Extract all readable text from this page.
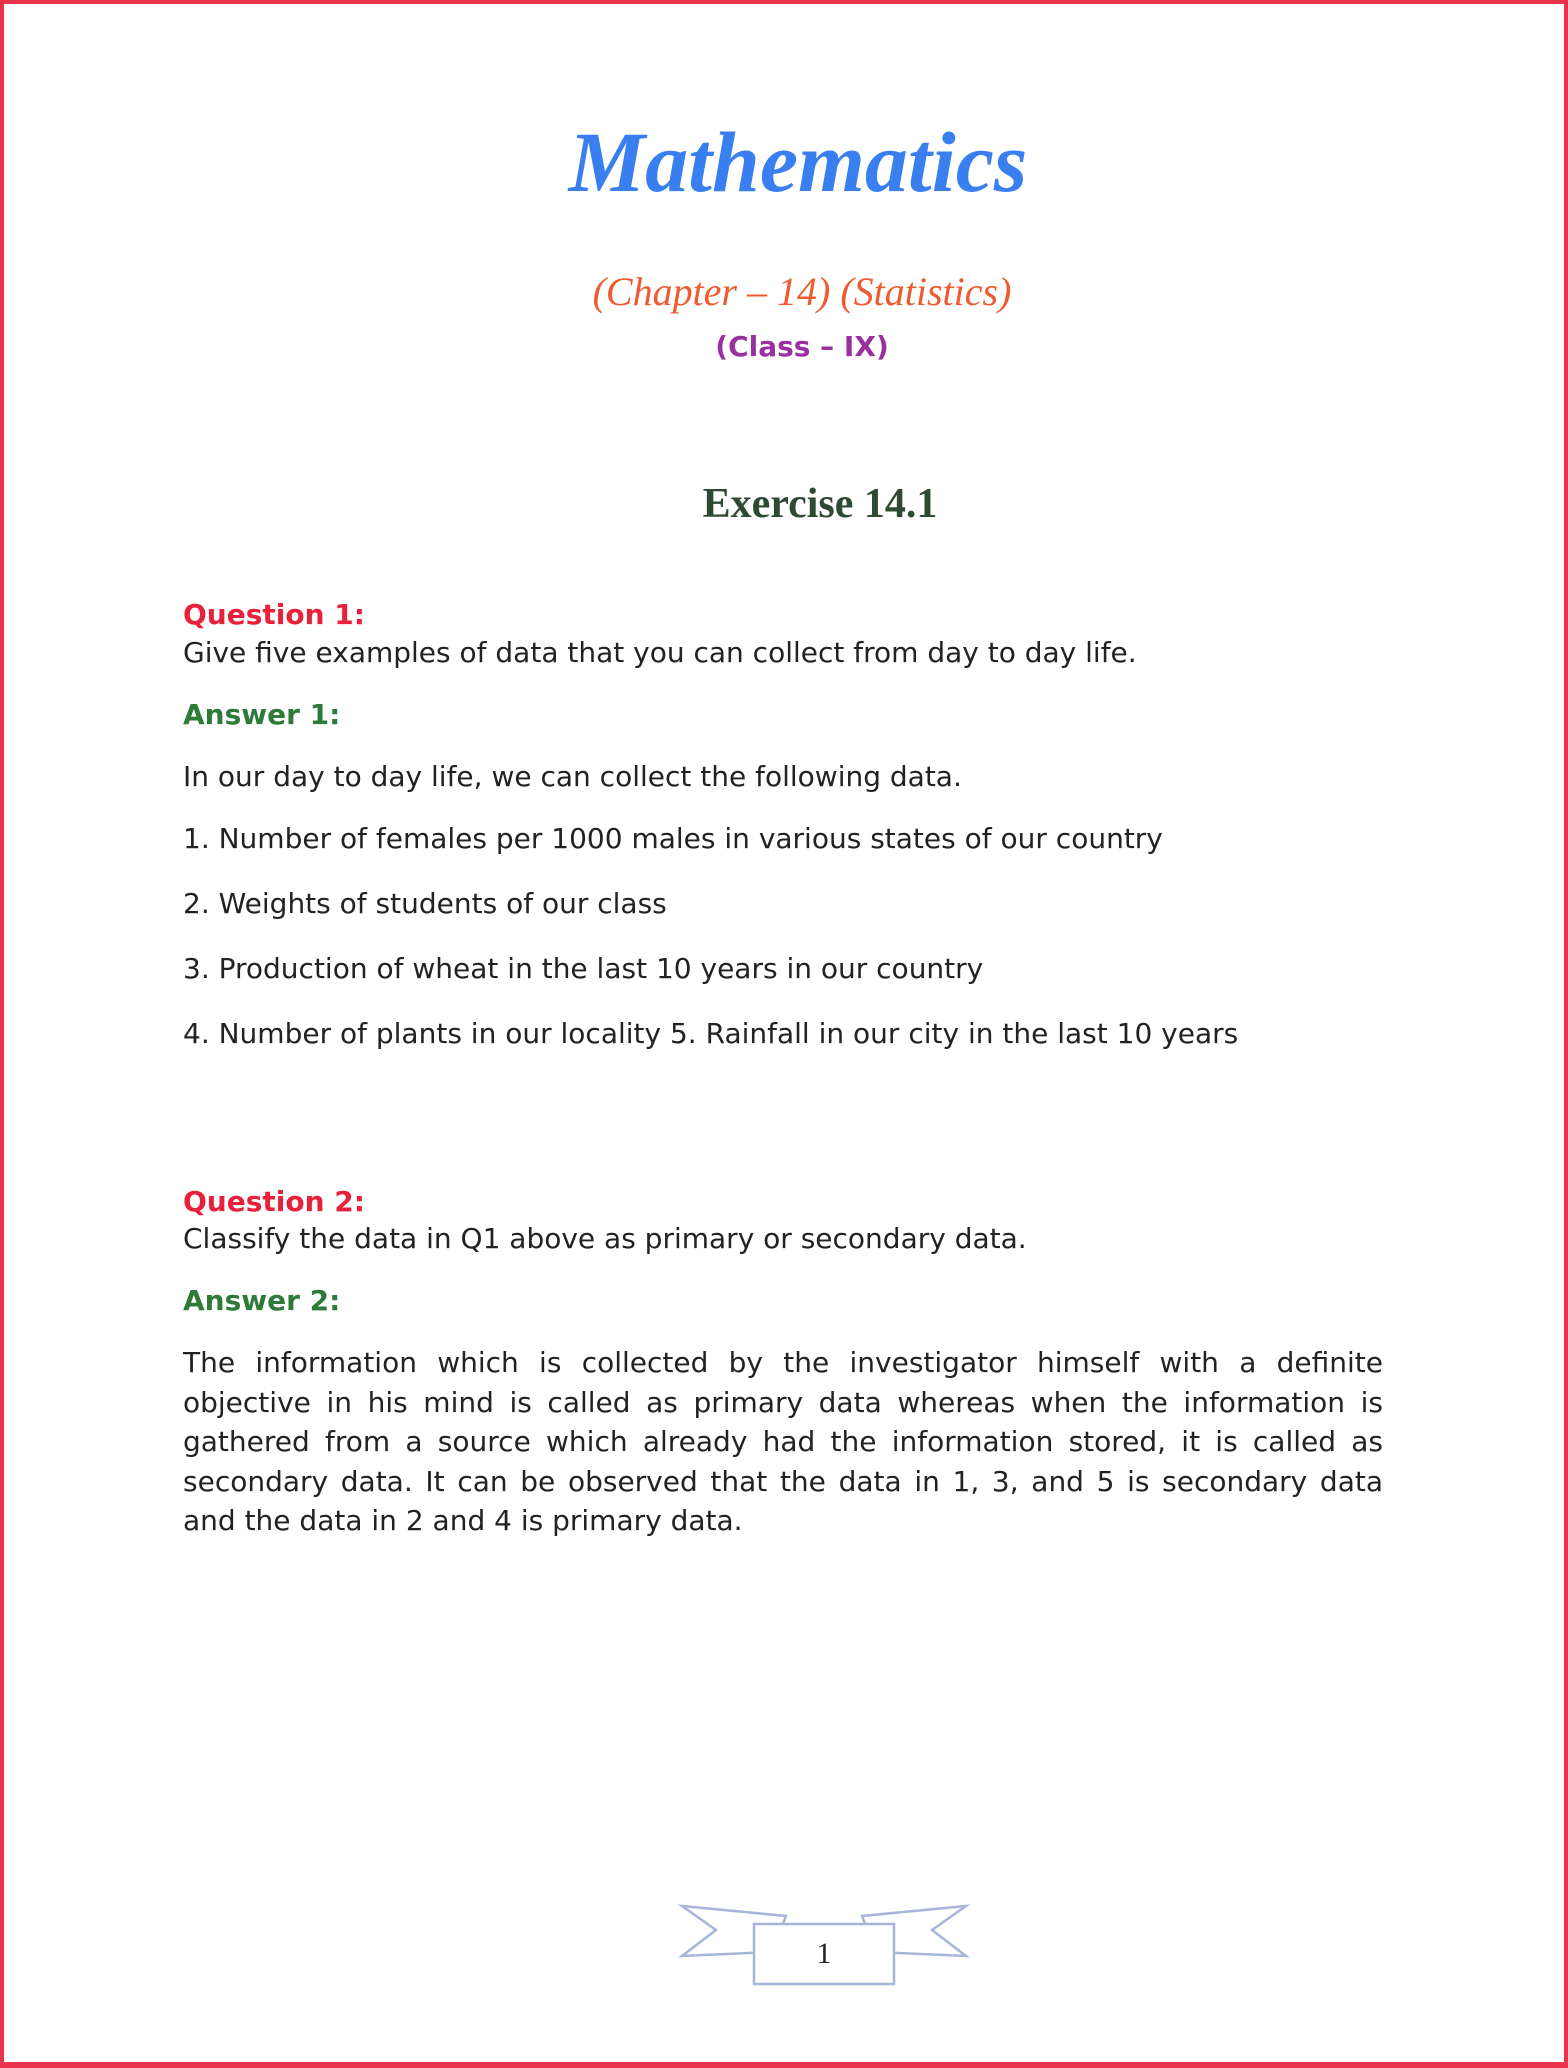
Mathematics
(Chapter – 14) (Statistics)
(Class – IX)
Exercise 14.1
Question 1:
Give five examples of data that you can collect from day to day life.
Answer 1:
In our day to day life, we can collect the following data.
1. Number of females per 1000 males in various states of our country
2. Weights of students of our class
3. Production of wheat in the last 10 years in our country
4. Number of plants in our locality 5. Rainfall in our city in the last 10 years
Question 2:
Classify the data in Q1 above as primary or secondary data.
Answer 2:
The information which is collected by the investigator himself with a definite objective in his mind is called as primary data whereas when the information is gathered from a source which already had the information stored, it is called as secondary data. It can be observed that the data in 1, 3, and 5 is secondary data and the data in 2 and 4 is primary data.
1
